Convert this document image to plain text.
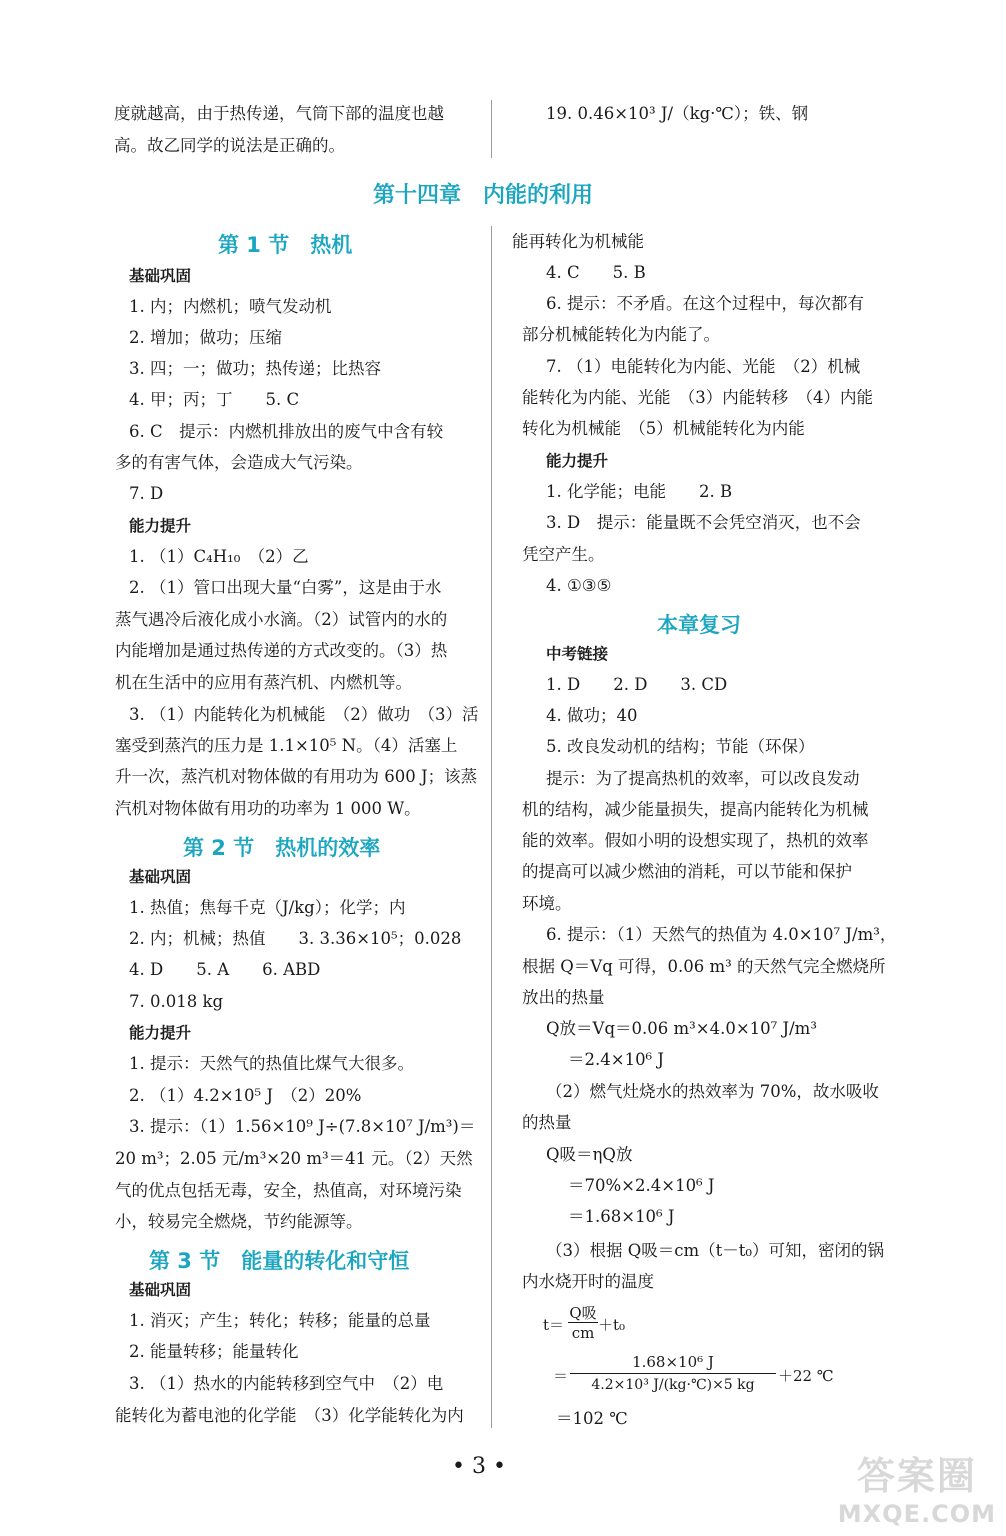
度就越高，由于热传递，气筒下部的温度也越
高。故乙同学的说法是正确的。
19. 0.46×10³ J/（kg·℃）；铁、钢
第十四章　内能的利用
第 1 节　热机
基础巩固
1. 内；内燃机；喷气发动机
2. 增加；做功；压缩
3. 四；一；做功；热传递；比热容
4. 甲；丙；丁　　5. C
6. C　提示：内燃机排放出的废气中含有较
多的有害气体，会造成大气污染。
7. D
能力提升
1. （1）C₄H₁₀　（2）乙
2. （1）管口出现大量“白雾”，这是由于水
蒸气遇冷后液化成小水滴。（2）试管内的水的
内能增加是通过热传递的方式改变的。（3）热
机在生活中的应用有蒸汽机、内燃机等。
3. （1）内能转化为机械能　（2）做功　（3）活
塞受到蒸汽的压力是 1.1×10⁵ N。（4）活塞上
升一次，蒸汽机对物体做的有用功为 600 J；该蒸
汽机对物体做有用功的功率为 1 000 W。
第 2 节　热机的效率
基础巩固
1. 热值；焦每千克（J/kg）；化学；内
2. 内；机械；热值　　3. 3.36×10⁵；0.028
4. D　　5. A　　6. ABD
7. 0.018 kg
能力提升
1. 提示：天然气的热值比煤气大很多。
2. （1）4.2×10⁵ J　（2）20%
3. 提示：（1）1.56×10⁹ J÷(7.8×10⁷ J/m³)＝
20 m³；2.05 元/m³×20 m³＝41 元。（2）天然
气的优点包括无毒，安全，热值高，对环境污染
小，较易完全燃烧，节约能源等。
第 3 节　能量的转化和守恒
基础巩固
1. 消灭；产生；转化；转移；能量的总量
2. 能量转移；能量转化
3. （1）热水的内能转移到空气中　（2）电
能转化为蓄电池的化学能　（3）化学能转化为内
能再转化为机械能
4. C　　5. B
6. 提示：不矛盾。在这个过程中，每次都有
部分机械能转化为内能了。
7. （1）电能转化为内能、光能　（2）机械
能转化为内能、光能　（3）内能转移　（4）内能
转化为机械能　（5）机械能转化为内能
能力提升
1. 化学能；电能　　2. B
3. D　提示：能量既不会凭空消灭，也不会
凭空产生。
4. ①③⑤
本章复习
中考链接
1. D　　2. D　　3. CD
4. 做功；40
5. 改良发动机的结构；节能（环保）
提示：为了提高热机的效率，可以改良发动
机的结构，减少能量损失，提高内能转化为机械
能的效率。假如小明的设想实现了，热机的效率
的提高可以减少燃油的消耗，可以节能和保护
环境。
6. 提示：（1）天然气的热值为 4.0×10⁷ J/m³，
根据 Q＝Vq 可得，0.06 m³ 的天然气完全燃烧所
放出的热量
Q放＝Vq＝0.06 m³×4.0×10⁷ J/m³
＝2.4×10⁶ J
（2）燃气灶烧水的热效率为 70%，故水吸收
的热量
Q吸＝ηQ放
＝70%×2.4×10⁶ J
＝1.68×10⁶ J
（3）根据 Q吸＝cm（t－t₀）可知，密闭的锅
内水烧开时的温度
t＝
Q吸
cm ＋t₀
＝
1.68×10⁶ J
4.2×10³ J/(kg·℃)×5 kg	＋22 ℃
＝102 ℃
• 3 •	答案圈
MXQE.COM
